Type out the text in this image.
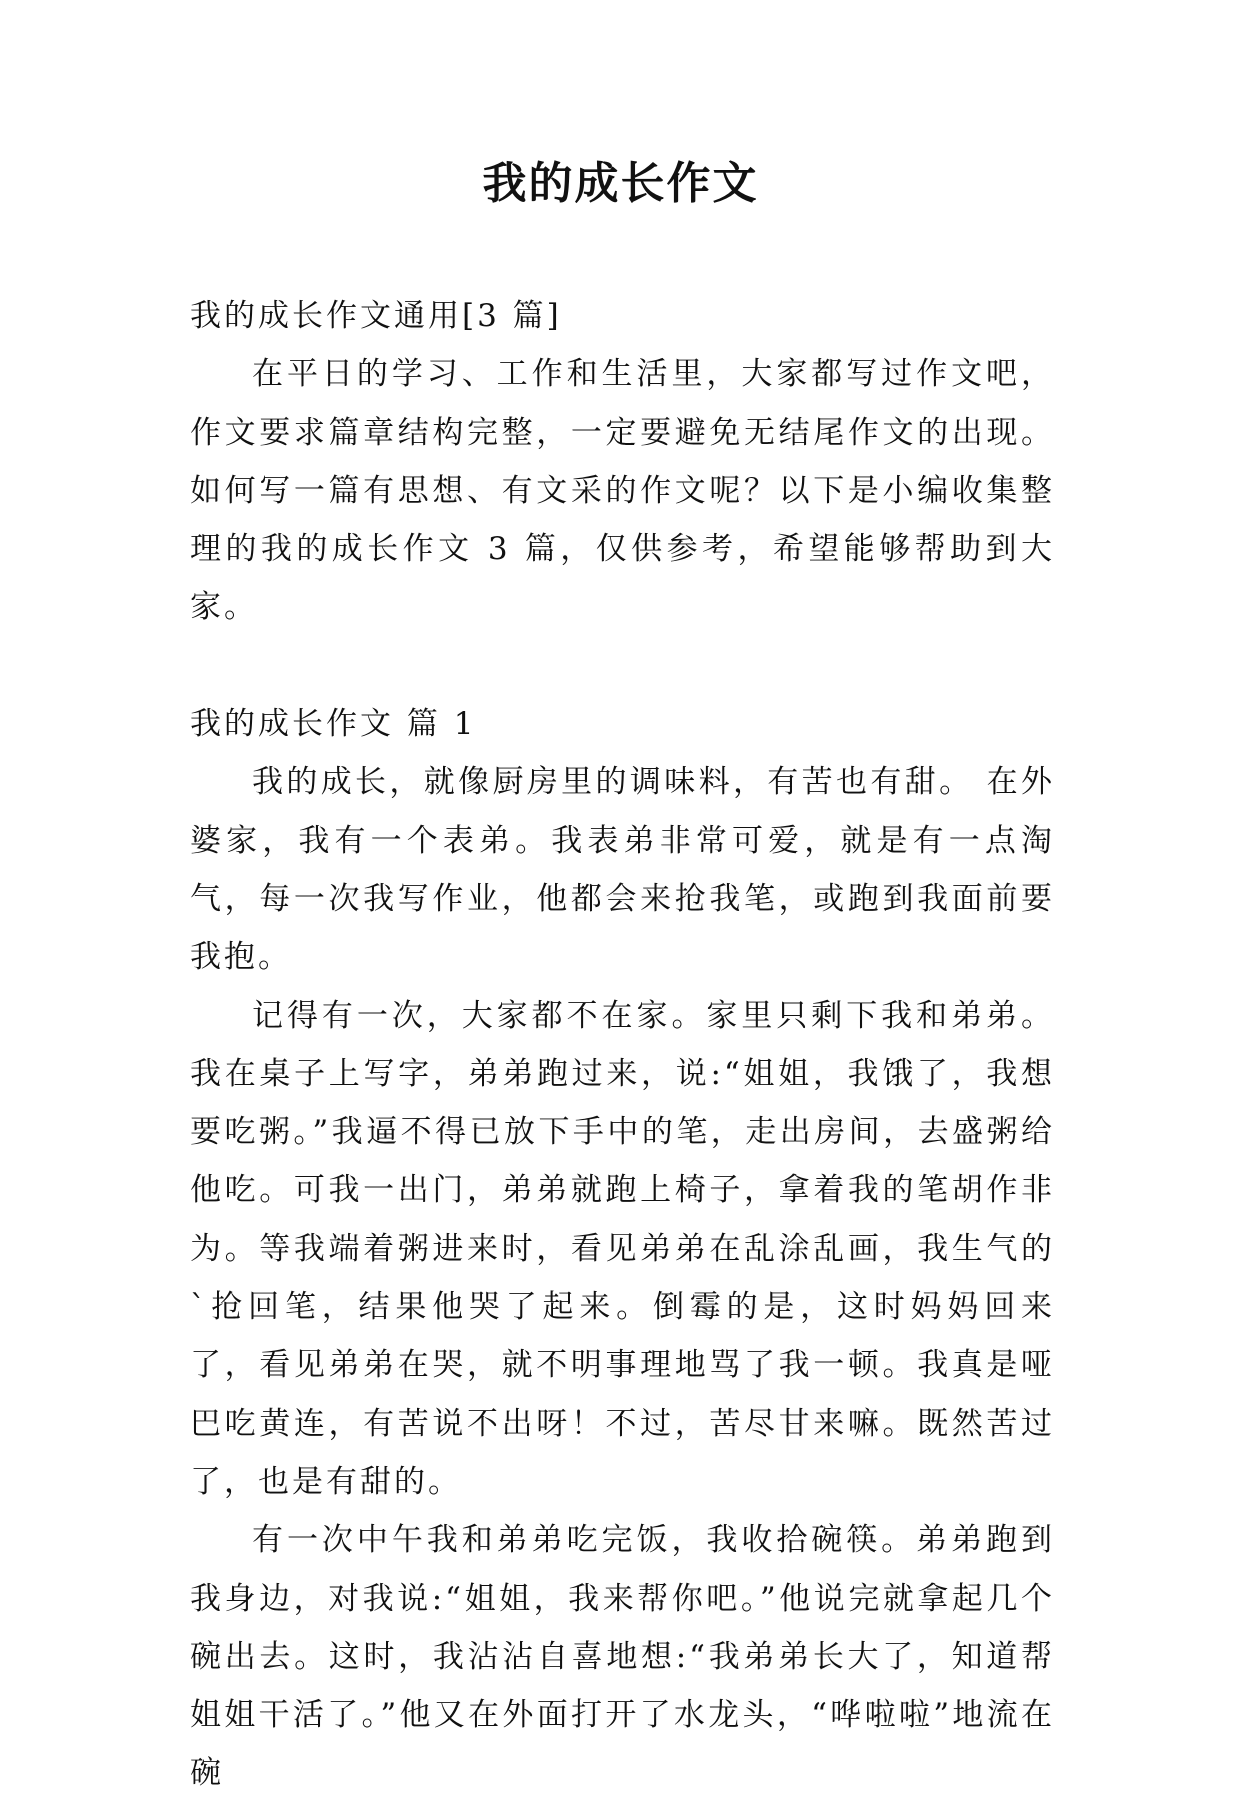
我的成长作文
我的成长作文通用[3 篇]
在平日的学习、工作和生活里，大家都写过作文吧，作文要求篇章结构完整，一定要避免无结尾作文的出现。如何写一篇有思想、有文采的作文呢？以下是小编收集整理的我的成长作文 3 篇，仅供参考，希望能够帮助到大家。
我的成长作文 篇 1
我的成长，就像厨房里的调味料，有苦也有甜。 在外婆家，我有一个表弟。我表弟非常可爱，就是有一点淘气，每一次我写作业，他都会来抢我笔，或跑到我面前要我抱。
记得有一次，大家都不在家。家里只剩下我和弟弟。我在桌子上写字，弟弟跑过来，说:“姐姐，我饿了，我想要吃粥。”我逼不得已放下手中的笔，走出房间，去盛粥给他吃。可我一出门，弟弟就跑上椅子，拿着我的笔胡作非为。等我端着粥进来时，看见弟弟在乱涂乱画，我生气的`抢回笔，结果他哭了起来。倒霉的是，这时妈妈回来了，看见弟弟在哭，就不明事理地骂了我一顿。我真是哑巴吃黄连，有苦说不出呀！不过，苦尽甘来嘛。既然苦过了，也是有甜的。
有一次中午我和弟弟吃完饭，我收拾碗筷。弟弟跑到我身边，对我说:“姐姐，我来帮你吧。”他说完就拿起几个碗出去。这时，我沾沾自喜地想:“我弟弟长大了，知道帮姐姐干活了。”他又在外面打开了水龙头，“哗啦啦”地流在碗
